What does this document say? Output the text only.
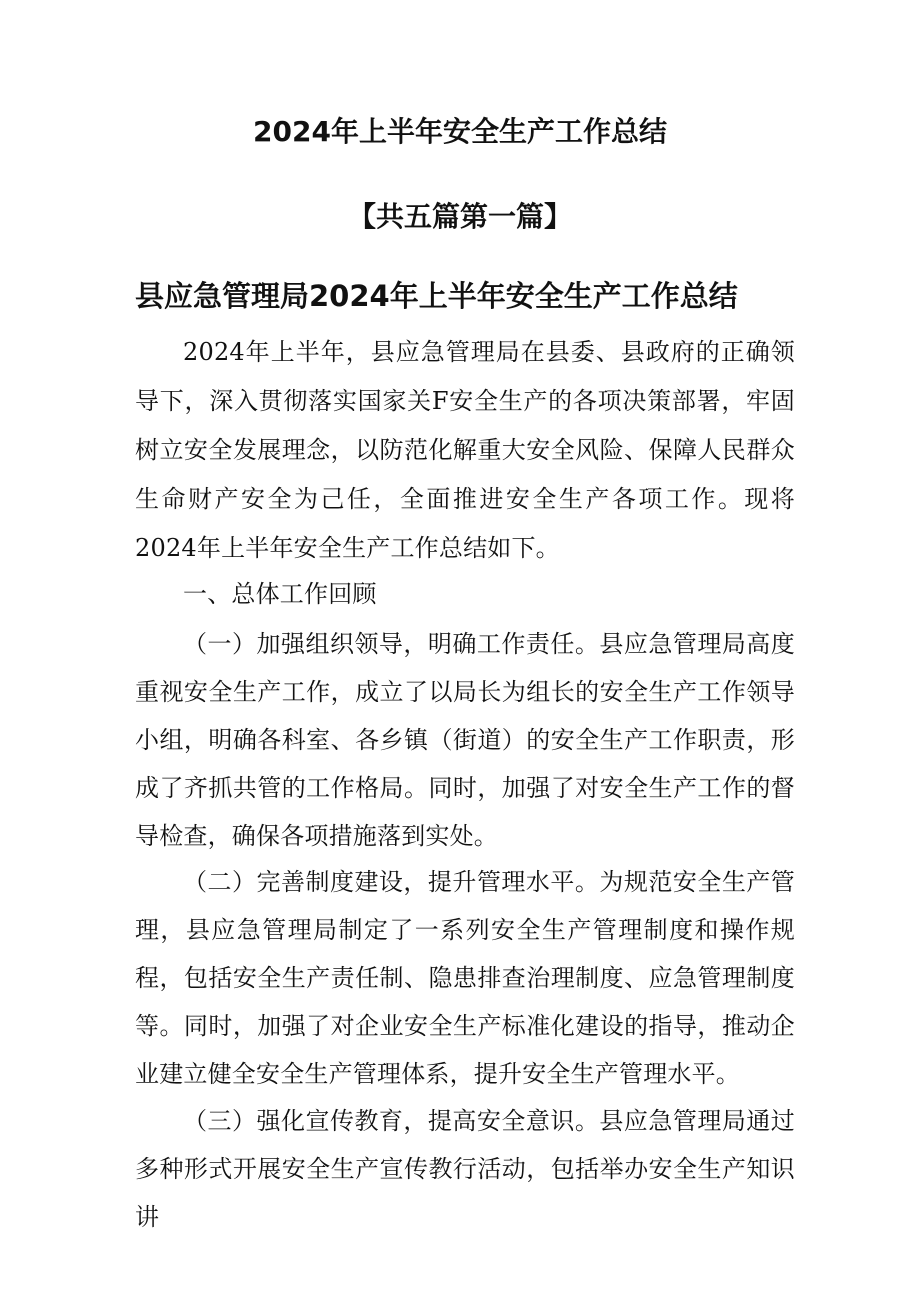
2024年上半年安全生产工作总结
【共五篇第一篇】
县应急管理局2024年上半年安全生产工作总结

2024年上半年，县应急管理局在县委、县政府的正确领导下，深入贯彻落实国家关F安全生产的各项决策部署，牢固树立安全发展理念，以防范化解重大安全风险、保障人民群众生命财产安全为己任，全面推进安全生产各项工作。现将2024年上半年安全生产工作总结如下。

一、总体工作回顾

（一）加强组织领导，明确工作责任。县应急管理局高度重视安全生产工作，成立了以局长为组长的安全生产工作领导小组，明确各科室、各乡镇（街道）的安全生产工作职责，形成了齐抓共管的工作格局。同时，加强了对安全生产工作的督导检查，确保各项措施落到实处。

（二）完善制度建设，提升管理水平。为规范安全生产管理，县应急管理局制定了一系列安全生产管理制度和操作规程，包括安全生产责任制、隐患排查治理制度、应急管理制度等。同时，加强了对企业安全生产标准化建设的指导，推动企业建立健全安全生产管理体系，提升安全生产管理水平。

（三）强化宣传教育，提高安全意识。县应急管理局通过多种形式开展安全生产宣传教行活动，包括举办安全生产知识讲
